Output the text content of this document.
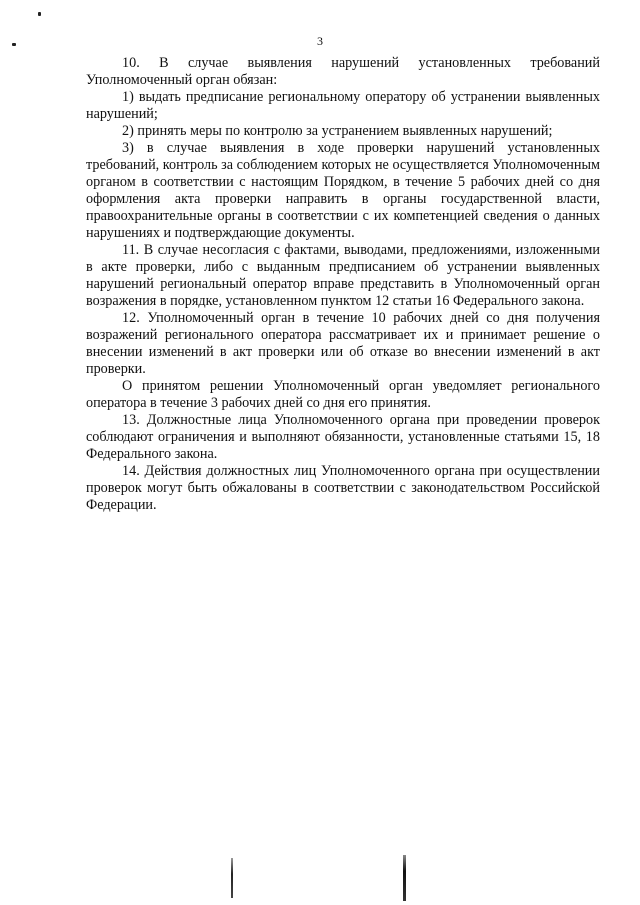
3

10. В случае выявления нарушений установленных требований Уполномоченный орган обязан:

1) выдать предписание региональному оператору об устранении выявленных нарушений;

2) принять меры по контролю за устранением выявленных нарушений;

3) в случае выявления в ходе проверки нарушений установленных требований, контроль за соблюдением которых не осуществляется Уполномоченным органом в соответствии с настоящим Порядком, в течение 5 рабочих дней со дня оформления акта проверки направить в органы государственной власти, правоохранительные органы в соответствии с их компетенцией сведения о данных нарушениях и подтверждающие документы.

11. В случае несогласия с фактами, выводами, предложениями, изложенными в акте проверки, либо с выданным предписанием об устранении выявленных нарушений региональный оператор вправе представить в Уполномоченный орган возражения в порядке, установленном пунктом 12 статьи 16 Федерального закона.

12. Уполномоченный орган в течение 10 рабочих дней со дня получения возражений регионального оператора рассматривает их и принимает решение о внесении изменений в акт проверки или об отказе во внесении изменений в акт проверки.

О принятом решении Уполномоченный орган уведомляет регионального оператора в течение 3 рабочих дней со дня его принятия.

13. Должностные лица Уполномоченного органа при проведении проверок соблюдают ограничения и выполняют обязанности, установленные статьями 15, 18 Федерального закона.

14. Действия должностных лиц Уполномоченного органа при осуществлении проверок могут быть обжалованы в соответствии с законодательством Российской Федерации.
